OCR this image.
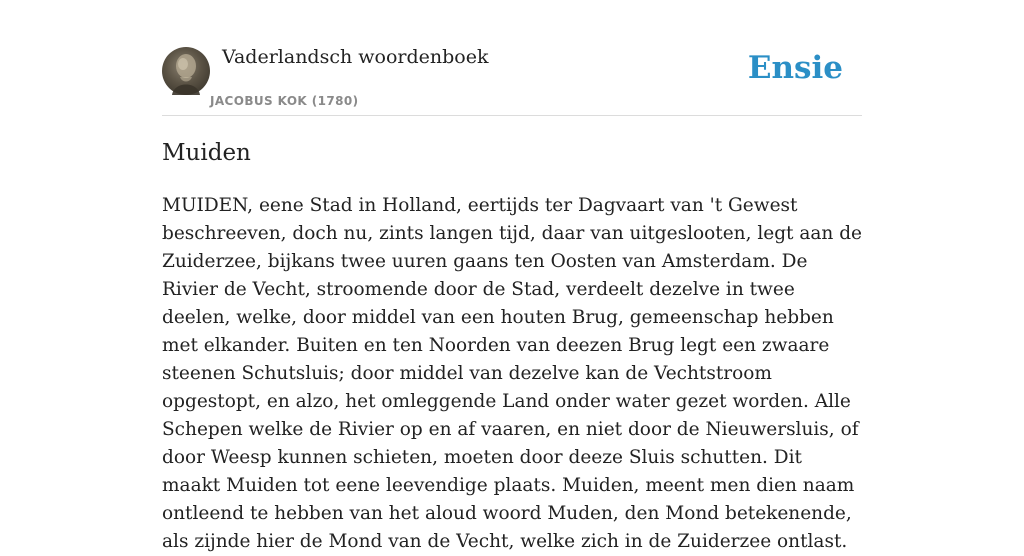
Vaderlandsch woordenboek
JACOBUS KOK (1780)
Ensie
Muiden

MUIDEN, eene Stad in Holland, eertijds ter Dagvaart van 't Gewest beschreeven, doch nu, zints langen tijd, daar van uitgeslooten, legt aan de Zuiderzee, bijkans twee uuren gaans ten Oosten van Amsterdam. De Rivier de Vecht, stroomende door de Stad, verdeelt dezelve in twee deelen, welke, door middel van een houten Brug, gemeenschap hebben met elkander. Buiten en ten Noorden van deezen Brug legt een zwaare steenen Schutsluis; door middel van dezelve kan de Vechtstroom opgestopt, en alzo, het omleggende Land onder water gezet worden. Alle Schepen welke de Rivier op en af vaaren, en niet door de Nieuwersluis, of door Weesp kunnen schieten, moeten door deeze Sluis schutten. Dit maakt Muiden tot eene leevendige plaats. Muiden, meent men dien naam ontleend te hebben van het aloud woord Muden, den Mond betekenende, als zijnde hier de Mond van de Vecht, welke zich in de Zuiderzee ontlast.
